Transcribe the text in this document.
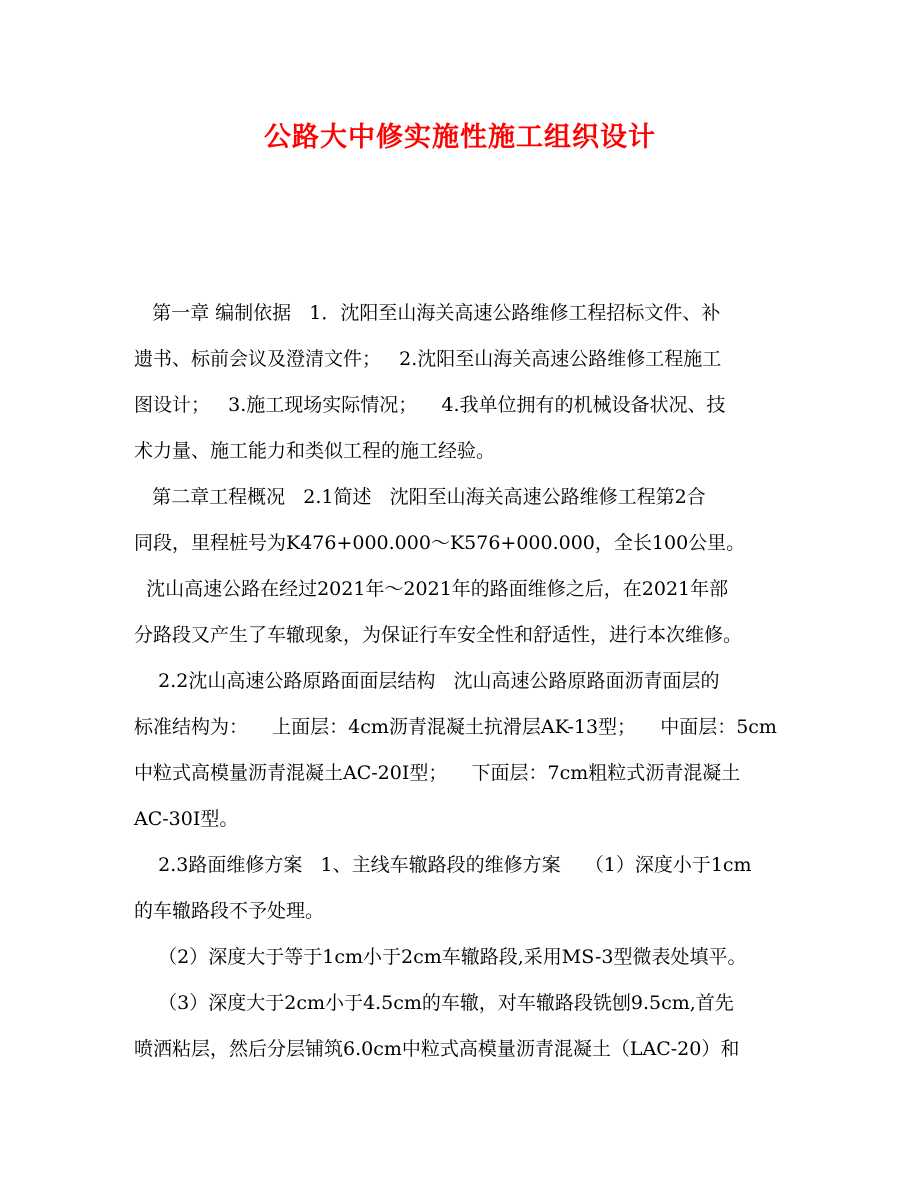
公路大中修实施性施工组织设计
第一章 编制依据   1．沈阳至山海关高速公路维修工程招标文件、补
遗书、标前会议及澄清文件；   2.沈阳至山海关高速公路维修工程施工
图设计；   3.施工现场实际情况；    4.我单位拥有的机械设备状况、技
术力量、施工能力和类似工程的施工经验。
第二章工程概况   2.1简述   沈阳至山海关高速公路维修工程第2合
同段，里程桩号为K476+000.000～K576+000.000，全长100公里。
沈山高速公路在经过2021年～2021年的路面维修之后，在2021年部
分路段又产生了车辙现象，为保证行车安全性和舒适性，进行本次维修。
2.2沈山高速公路原路面面层结构   沈山高速公路原路面沥青面层的
标准结构为：    上面层：4cm沥青混凝土抗滑层AK-13型；    中面层：5cm
中粒式高模量沥青混凝土AC-20I型；    下面层：7cm粗粒式沥青混凝土
AC-30I型。
2.3路面维修方案   1、主线车辙路段的维修方案    （1）深度小于1cm
的车辙路段不予处理。
（2）深度大于等于1cm小于2cm车辙路段,采用MS-3型微表处填平。
（3）深度大于2cm小于4.5cm的车辙，对车辙路段铣刨9.5cm,首先
喷洒粘层，然后分层铺筑6.0cm中粒式高模量沥青混凝土（LAC-20）和
